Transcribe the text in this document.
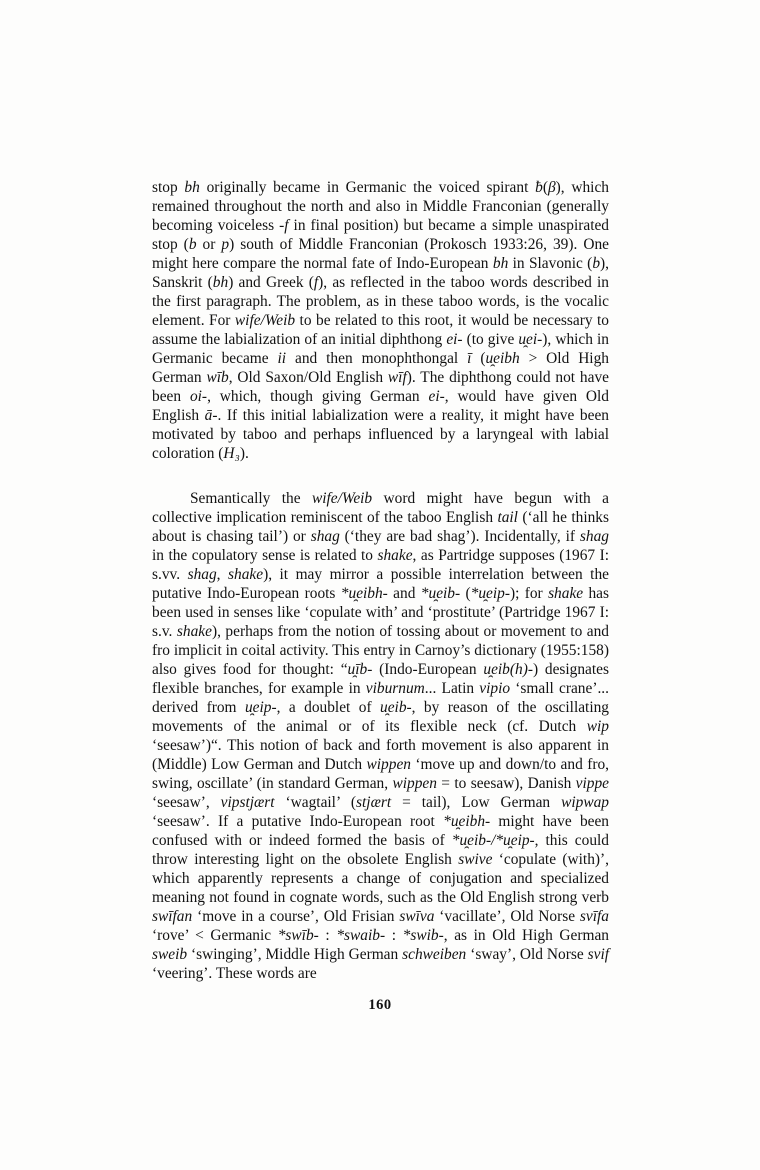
stop bh originally became in Germanic the voiced spirant ƀ(β), which remained throughout the north and also in Middle Franconian (generally becoming voiceless -f in final position) but became a simple unaspirated stop (b or p) south of Middle Franconian (Prokosch 1933:26, 39). One might here compare the normal fate of Indo-European bh in Slavonic (b), Sanskrit (bh) and Greek (f), as reflected in the taboo words described in the first paragraph. The problem, as in these taboo words, is the vocalic element. For wife/Weib to be related to this root, it would be necessary to assume the labialization of an initial diphthong ei- (to give u̯ei-), which in Germanic became ii and then monophthongal ī (u̯eibh > Old High German wīb, Old Saxon/Old English wīf). The diphthong could not have been oi-, which, though giving German ei-, would have given Old English ā-. If this initial labialization were a reality, it might have been motivated by taboo and perhaps influenced by a laryngeal with labial coloration (H₃).

Semantically the wife/Weib word might have begun with a collective implication reminiscent of the taboo English tail (‘all he thinks about is chasing tail’) or shag (‘they are bad shag’). Incidentally, if shag in the copulatory sense is related to shake, as Partridge supposes (1967 I: s.vv. shag, shake), it may mirror a possible interrelation between the putative Indo-European roots *u̯eibh- and *u̯eib- (*u̯eip-); for shake has been used in senses like ‘copulate with’ and ‘prostitute’ (Partridge 1967 I: s.v. shake), perhaps from the notion of tossing about or movement to and fro implicit in coital activity. This entry in Carnoy’s dictionary (1955:158) also gives food for thought: “u̯īb- (Indo-European u̯eib(h)-) designates flexible branches, for example in viburnum... Latin vipio ‘small crane’... derived from u̯eip-, a doublet of u̯eib-, by reason of the oscillating movements of the animal or of its flexible neck (cf. Dutch wip ‘seesaw’)“. This notion of back and forth movement is also apparent in (Middle) Low German and Dutch wippen ‘move up and down/to and fro, swing, oscillate’ (in standard German, wippen = to seesaw), Danish vippe ‘seesaw’, vipstjært ‘wagtail’ (stjært = tail), Low German wipwap ‘seesaw’. If a putative Indo-European root *u̯eibh- might have been confused with or indeed formed the basis of *u̯eib-/*u̯eip-, this could throw interesting light on the obsolete English swive ‘copulate (with)’, which apparently represents a change of conjugation and specialized meaning not found in cognate words, such as the Old English strong verb swīfan ‘move in a course’, Old Frisian swīva ‘vacillate’, Old Norse svīfa ‘rove’ < Germanic *swīb- : *swaib- : *swib-, as in Old High German sweib ‘swinging’, Middle High German schweiben ‘sway’, Old Norse svif ‘veering’. These words are

160
